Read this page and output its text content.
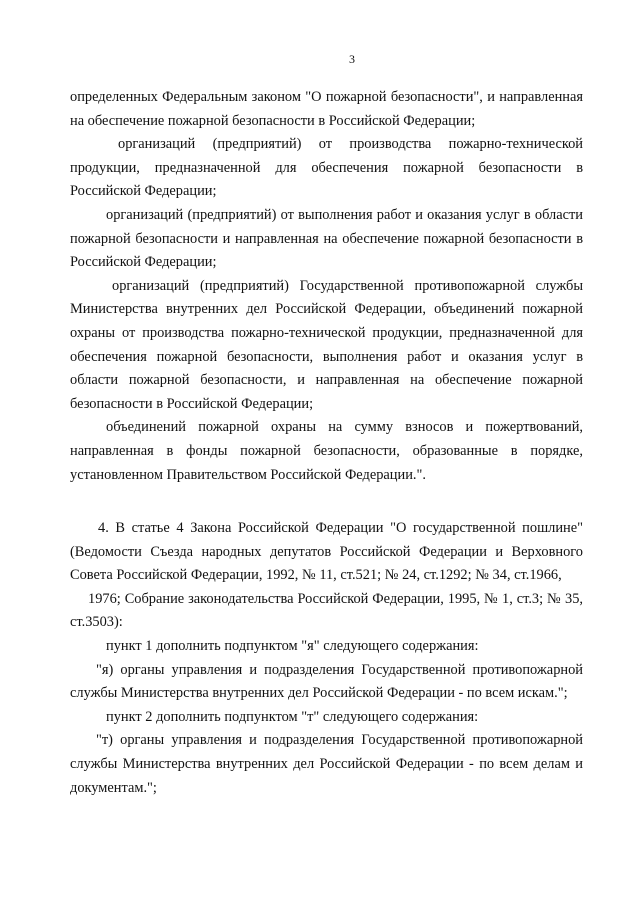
3

определенных Федеральным законом "О пожарной безопасности", и направленная на обеспечение пожарной безопасности в Российской Федерации;

организаций (предприятий) от производства пожарно-технической продукции, предназначенной для обеспечения пожарной безопасности в Российской Федерации;

организаций (предприятий) от выполнения работ и оказания услуг в области пожарной безопасности и направленная на обеспечение пожарной безопасности в Российской Федерации;

организаций (предприятий) Государственной противопожарной службы Министерства внутренних дел Российской Федерации, объединений пожарной охраны от производства пожарно-технической продукции, предназначенной для обеспечения пожарной безопасности, выполнения работ и оказания услуг в области пожарной безопасности, и направленная на обеспечение пожарной безопасности в Российской Федерации;

объединений пожарной охраны на сумму взносов и пожертвований, направленная в фонды пожарной безопасности, образованные в порядке, установленном Правительством Российской Федерации.".

4. В статье 4 Закона Российской Федерации "О государственной пошлине" (Ведомости Съезда народных депутатов Российской Федерации и Верховного Совета Российской Федерации, 1992, № 11, ст.521; № 24, ст.1292; № 34, ст.1966,

1976; Собрание законодательства Российской Федерации, 1995, № 1, ст.3; № 35, ст.3503):

пункт 1 дополнить подпунктом "я" следующего содержания:

"я) органы управления и подразделения Государственной противопожарной службы Министерства внутренних дел Российской Федерации - по всем искам.";

пункт 2 дополнить подпунктом "т" следующего содержания:

"т) органы управления и подразделения Государственной противопожарной службы Министерства внутренних дел Российской Федерации - по всем делам и документам.";
